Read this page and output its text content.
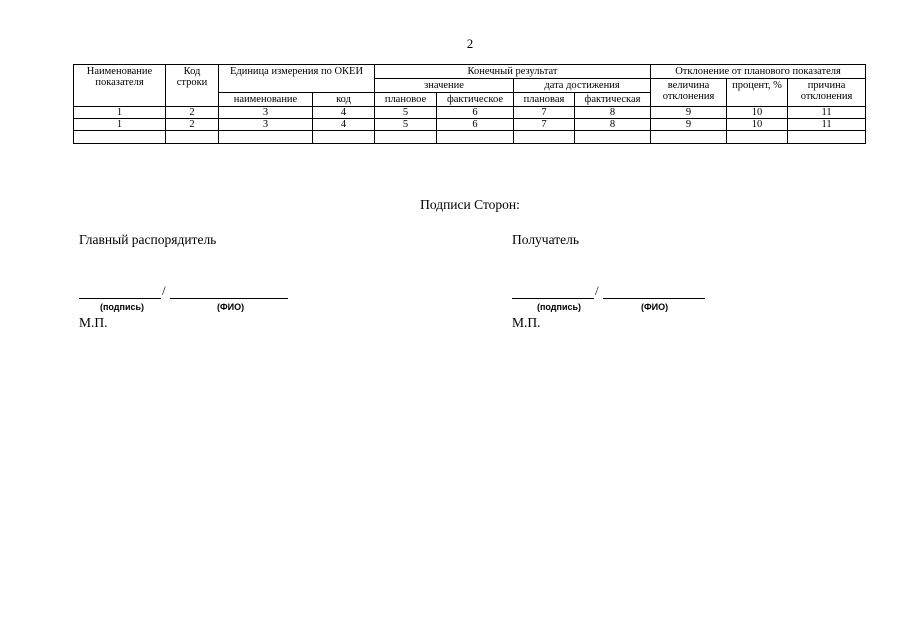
2
Наименование показателя	Код строки	Единица измерения по ОКЕИ		Конечный результат				Отклонение от планового показателя		
				значение		дата достижения		величина отклонения	процент, %	причина отклонения
		наименование	код	плановое	фактическое	плановая	фактическая			
1	2	3	4	5	6	7	8	9	10	11
1	2	3	4	5	6	7	8	9	10	11

Подписи Сторон:
Главный распорядитель
/
(подпись)	(ФИО)
М.П.
Получатель
/
(подпись)	(ФИО)
М.П.
